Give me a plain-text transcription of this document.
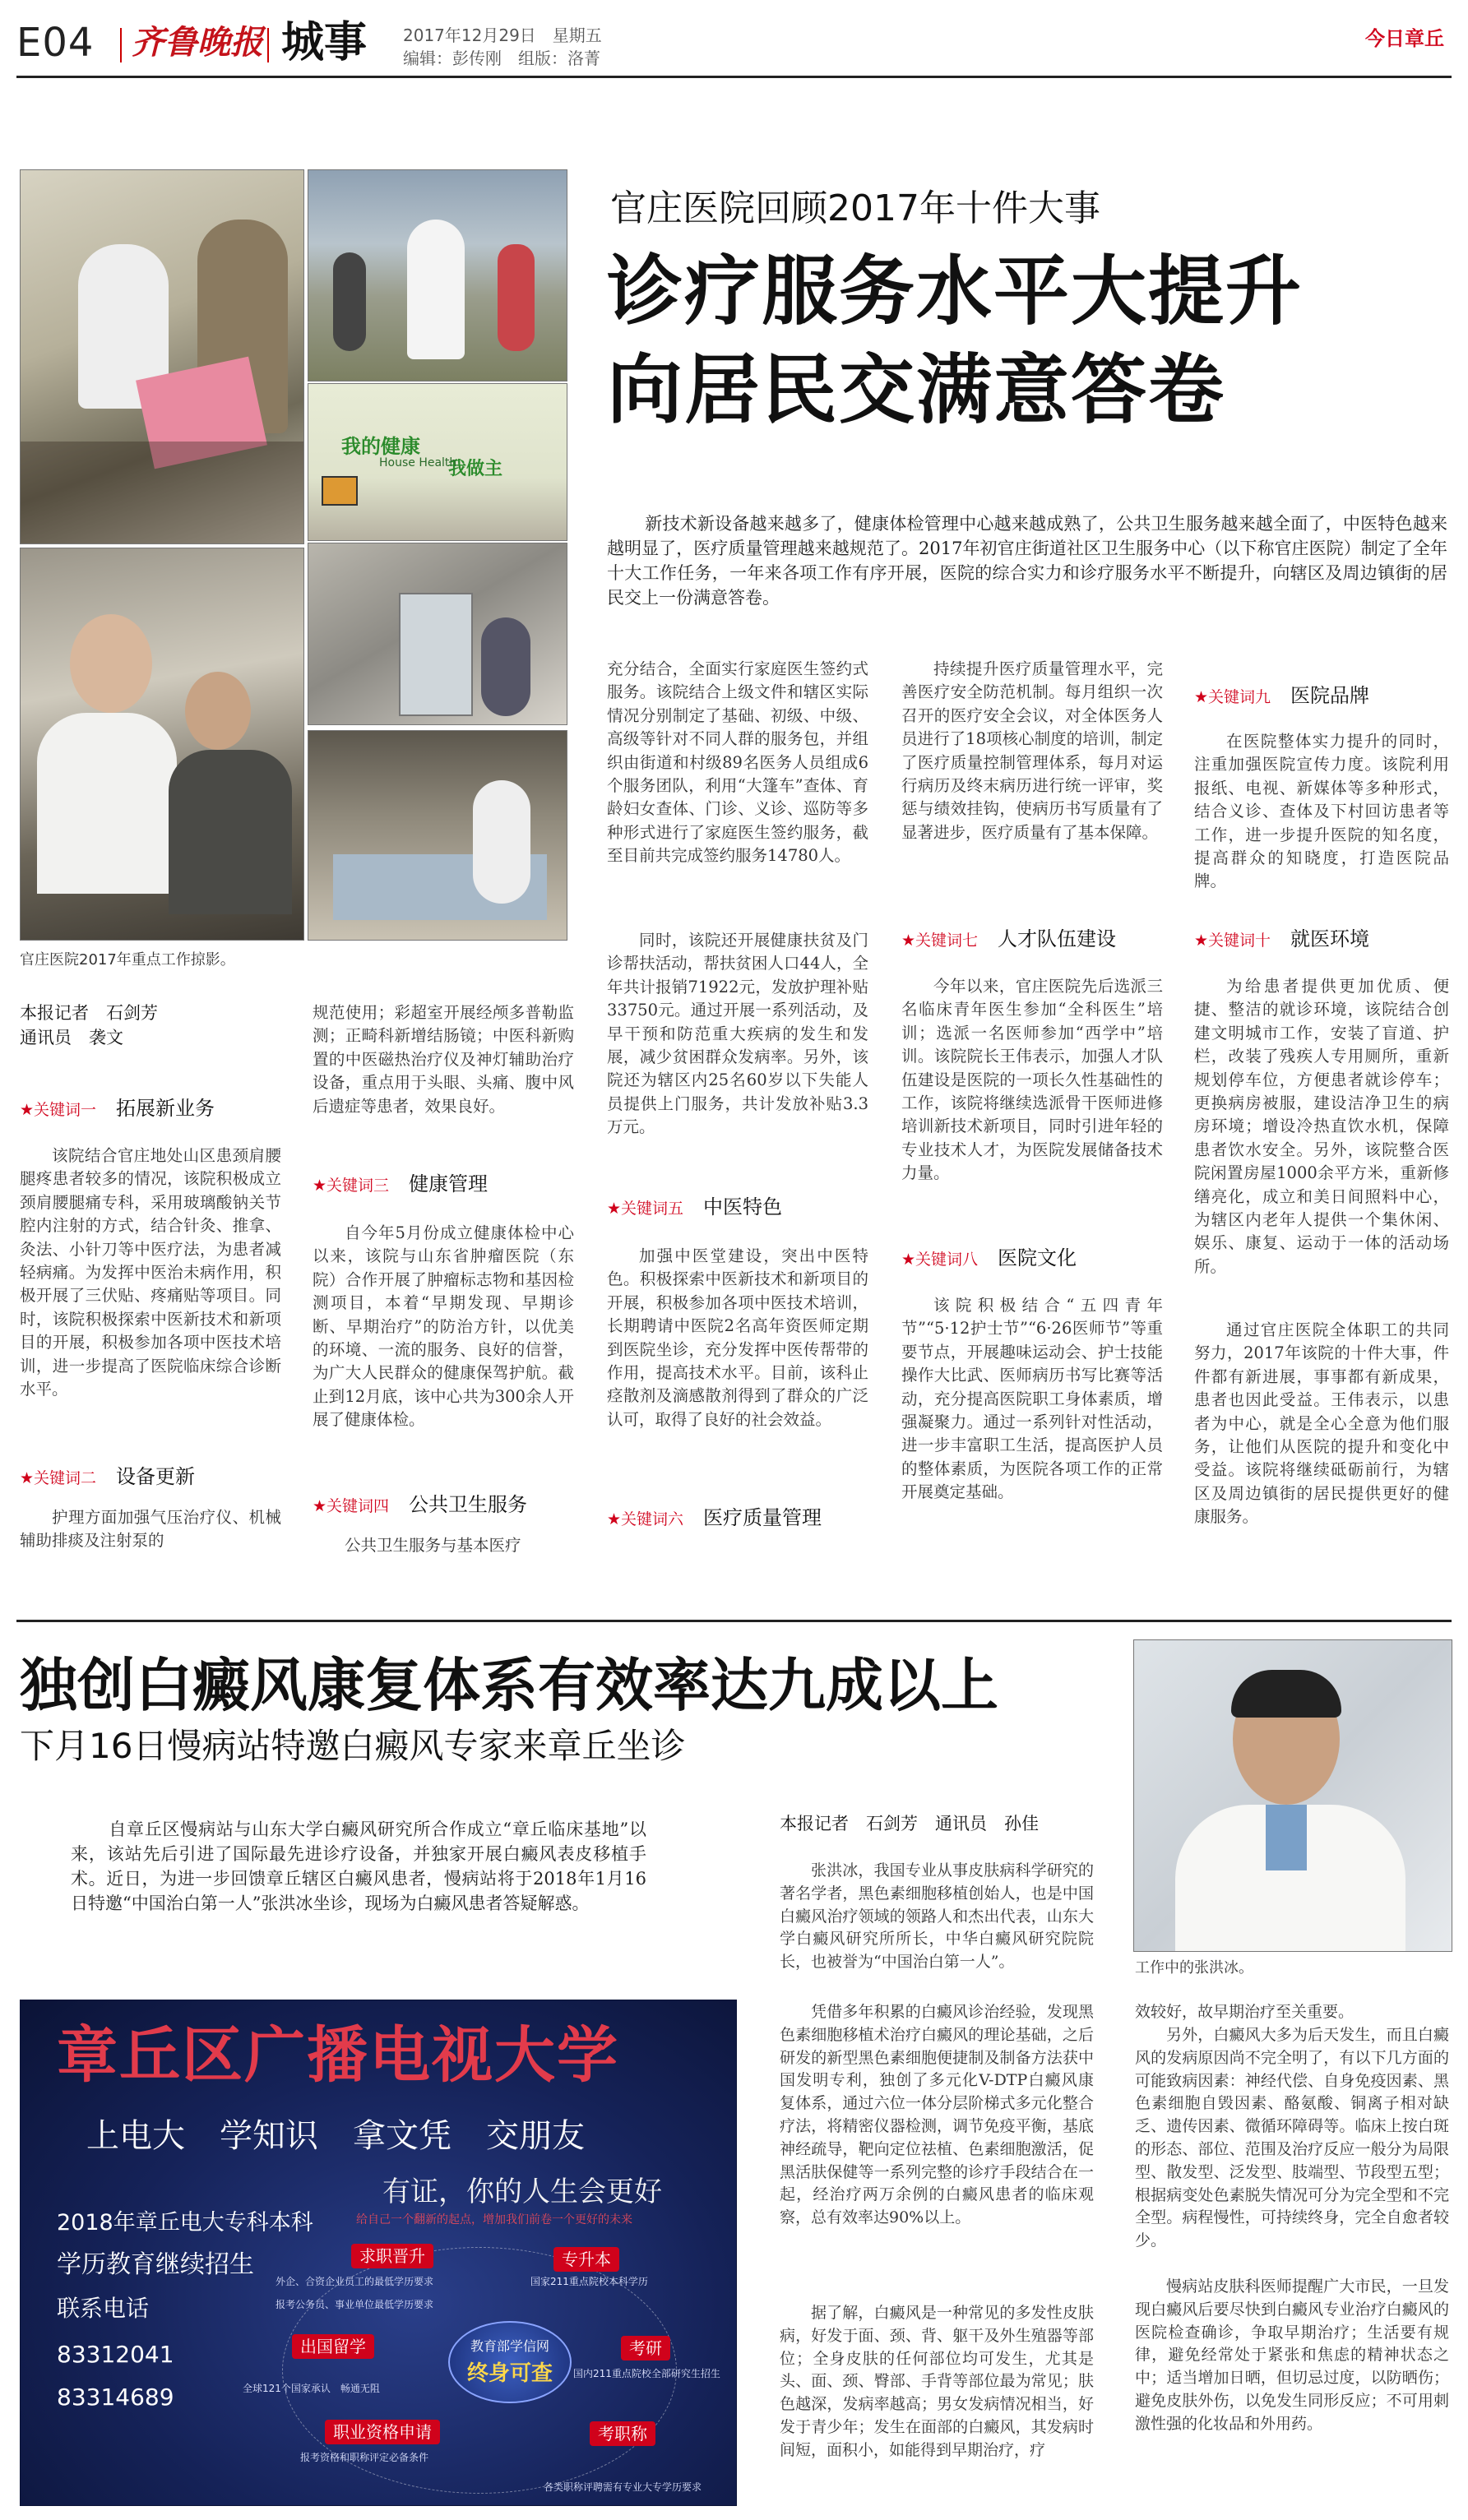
E04 齐鲁晚报 城事 2017年12月29日　 星期五
编辑：彭传刚　 组版：洛菁
今日章丘
我的健康
我做主
House Health
官庄医院2017年重点工作掠影。
官庄医院回顾2017年十件大事
诊疗服务水平大提升
向居民交满意答卷
新技术新设备越来越多了，健康体检管理中心越来越成熟了，公共卫生服务越来越全面了，中医特色越来越明显了，医疗质量管理越来越规范了。2017年初官庄街道社区卫生服务中心（以下称官庄医院）制定了全年十大工作任务，一年来各项工作有序开展，医院的综合实力和诊疗服务水平不断提升，向辖区及周边镇街的居民交上一份满意答卷。
本报记者　石剑芳
通讯员　袭文
★关键词一　 拓展新业务
该院结合官庄地处山区患颈肩腰腿疼患者较多的情况，该院积极成立颈肩腰腿痛专科，采用玻璃酸钠关节腔内注射的方式，结合针灸、推拿、灸法、小针刀等中医疗法，为患者减轻病痛。为发挥中医治未病作用，积极开展了三伏贴、疼痛贴等项目。同时，该院积极探索中医新技术和新项目的开展，积极参加各项中医技术培训，进一步提高了医院临床综合诊断水平。
★关键词二　 设备更新
护理方面加强气压治疗仪、机械辅助排痰及注射泵的
规范使用；彩超室开展经颅多普勒监测；正畸科新增结肠镜；中医科新购置的中医磁热治疗仪及神灯辅助治疗设备，重点用于头眼、头痛、腹中风后遗症等患者，效果良好。
★关键词三　 健康管理
自今年5月份成立健康体检中心以来，该院与山东省肿瘤医院（东院）合作开展了肿瘤标志物和基因检测项目，本着“早期发现、早期诊断、早期治疗”的防治方针，以优美的环境、一流的服务、良好的信誉，为广大人民群众的健康保驾护航。截止到12月底，该中心共为300余人开展了健康体检。
★关键词四　 公共卫生服务
公共卫生服务与基本医疗
充分结合，全面实行家庭医生签约式服务。该院结合上级文件和辖区实际情况分别制定了基础、初级、中级、高级等针对不同人群的服务包，并组织由街道和村级89名医务人员组成6个服务团队，利用“大篷车”查体、育龄妇女查体、门诊、义诊、巡防等多种形式进行了家庭医生签约服务，截至目前共完成签约服务14780人。
同时，该院还开展健康扶贫及门诊帮扶活动，帮扶贫困人口44人，全年共计报销71922元，发放护理补贴33750元。通过开展一系列活动，及早干预和防范重大疾病的发生和发展，减少贫困群众发病率。另外，该院还为辖区内25名60岁以下失能人员提供上门服务，共计发放补贴3.3万元。
★关键词五　 中医特色
加强中医堂建设，突出中医特色。积极探索中医新技术和新项目的开展，积极参加各项中医技术培训，长期聘请中医院2名高年资医师定期到医院坐诊，充分发挥中医传帮带的作用，提高技术水平。目前，该科止痉散剂及滴感散剂得到了群众的广泛认可，取得了良好的社会效益。
★关键词六　 医疗质量管理
持续提升医疗质量管理水平，完善医疗安全防范机制。每月组织一次召开的医疗安全会议，对全体医务人员进行了18项核心制度的培训，制定了医疗质量控制管理体系，每月对运行病历及终末病历进行统一评审，奖惩与绩效挂钩，使病历书写质量有了显著进步，医疗质量有了基本保障。
★关键词七　 人才队伍建设
今年以来，官庄医院先后选派三名临床青年医生参加“全科医生”培训；选派一名医师参加“西学中”培训。该院院长王伟表示，加强人才队伍建设是医院的一项长久性基础性的工作，该院将继续选派骨干医师进修培训新技术新项目，同时引进年轻的专业技术人才，为医院发展储备技术力量。
★关键词八　 医院文化
该院积极结合“五四青年节”“5·12护士节”“6·26医师节”等重要节点，开展趣味运动会、护士技能操作大比武、医师病历书写比赛等活动，充分提高医院职工身体素质，增强凝聚力。通过一系列针对性活动，进一步丰富职工生活，提高医护人员的整体素质，为医院各项工作的正常开展奠定基础。
★关键词九　 医院品牌
在医院整体实力提升的同时，注重加强医院宣传力度。该院利用报纸、电视、新媒体等多种形式，结合义诊、查体及下村回访患者等工作，进一步提升医院的知名度，提高群众的知晓度，打造医院品牌。
★关键词十　 就医环境
为给患者提供更加优质、便捷、整洁的就诊环境，该院结合创建文明城市工作，安装了盲道、护栏，改装了残疾人专用厕所，重新规划停车位，方便患者就诊停车；更换病房被服，建设洁净卫生的病房环境；增设冷热直饮水机，保障患者饮水安全。另外，该院整合医院闲置房屋1000余平方米，重新修缮亮化，成立和美日间照料中心，为辖区内老年人提供一个集休闲、娱乐、康复、运动于一体的活动场所。
通过官庄医院全体职工的共同努力，2017年该院的十件大事，件件都有新进展，事事都有新成果，患者也因此受益。王伟表示，以患者为中心，就是全心全意为他们服务，让他们从医院的提升和变化中受益。该院将继续砥砺前行，为辖区及周边镇街的居民提供更好的健康服务。
独创白癜风康复体系有效率达九成以上
下月16日慢病站特邀白癜风专家来章丘坐诊
自章丘区慢病站与山东大学白癜风研究所合作成立“章丘临床基地”以来，该站先后引进了国际最先进诊疗设备，并独家开展白癜风表皮移植手术。近日，为进一步回馈章丘辖区白癜风患者，慢病站将于2018年1月16日特邀“中国治白第一人”张洪冰坐诊，现场为白癜风患者答疑解惑。
工作中的张洪冰。
本报记者　石剑芳　通讯员　孙佳
张洪冰，我国专业从事皮肤病科学研究的著名学者，黑色素细胞移植创始人，也是中国白癜风治疗领域的领路人和杰出代表，山东大学白癜风研究所所长，中华白癜风研究院院长，也被誉为“中国治白第一人”。
凭借多年积累的白癜风诊治经验，发现黑色素细胞移植术治疗白癜风的理论基础，之后研发的新型黑色素细胞便捷制及制备方法获中国发明专利，独创了多元化V-DTP白癜风康复体系，通过六位一体分层阶梯式多元化整合疗法，将精密仪器检测，调节免疫平衡，基底神经疏导，靶向定位祛植、色素细胞激活，促黑活肤保健等一系列完整的诊疗手段结合在一起，经治疗两万余例的白癜风患者的临床观察，总有效率达90%以上。
据了解，白癜风是一种常见的多发性皮肤病，好发于面、颈、背、躯干及外生殖器等部位；全身皮肤的任何部位均可发生，尤其是头、面、颈、臀部、手背等部位最为常见；肤色越深，发病率越高；男女发病情况相当，好发于青少年；发生在面部的白癜风，其发病时间短，面积小，如能得到早期治疗，疗
效较好，故早期治疗至关重要。
另外，白癜风大多为后天发生，而且白癜风的发病原因尚不完全明了，有以下几方面的可能致病因素：神经代偿、自身免疫因素、黑色素细胞自毁因素、酪氨酸、铜离子相对缺乏、遗传因素、微循环障碍等。临床上按白斑的形态、部位、范围及治疗反应一般分为局限型、散发型、泛发型、肢端型、节段型五型；根据病变处色素脱失情况可分为完全型和不完全型。病程慢性，可持续终身，完全自愈者较少。
慢病站皮肤科医师提醒广大市民，一旦发现白癜风后要尽快到白癜风专业治疗白癜风的医院检查确诊，争取早期治疗；生活要有规律，避免经常处于紧张和焦虑的精神状态之中；适当增加日晒，但切忌过度，以防晒伤；避免皮肤外伤，以免发生同形反应；不可用刺激性强的化妆品和外用药。
章丘区广播电视大学
上电大 学知识 拿文凭 交朋友
有证，你的人生会更好
给自己一个翻新的起点，增加我们前卷一个更好的未来
2018年章丘电大专科本科
学历教育继续招生
联系电话
83312041
83314689
求职晋升
出国留学
职业资格申请
考研
考职称
专升本
教育部学信网
终身可查
外企、合资企业员工的最低学历要求
全球121个国家承认　畅通无阻
报考公务员、事业单位最低学历要求
国家211重点院校本科学历
报考资格和职称评定必备条件
国内211重点院校全部研究生招生
各类职称评聘需有专业大专学历要求
